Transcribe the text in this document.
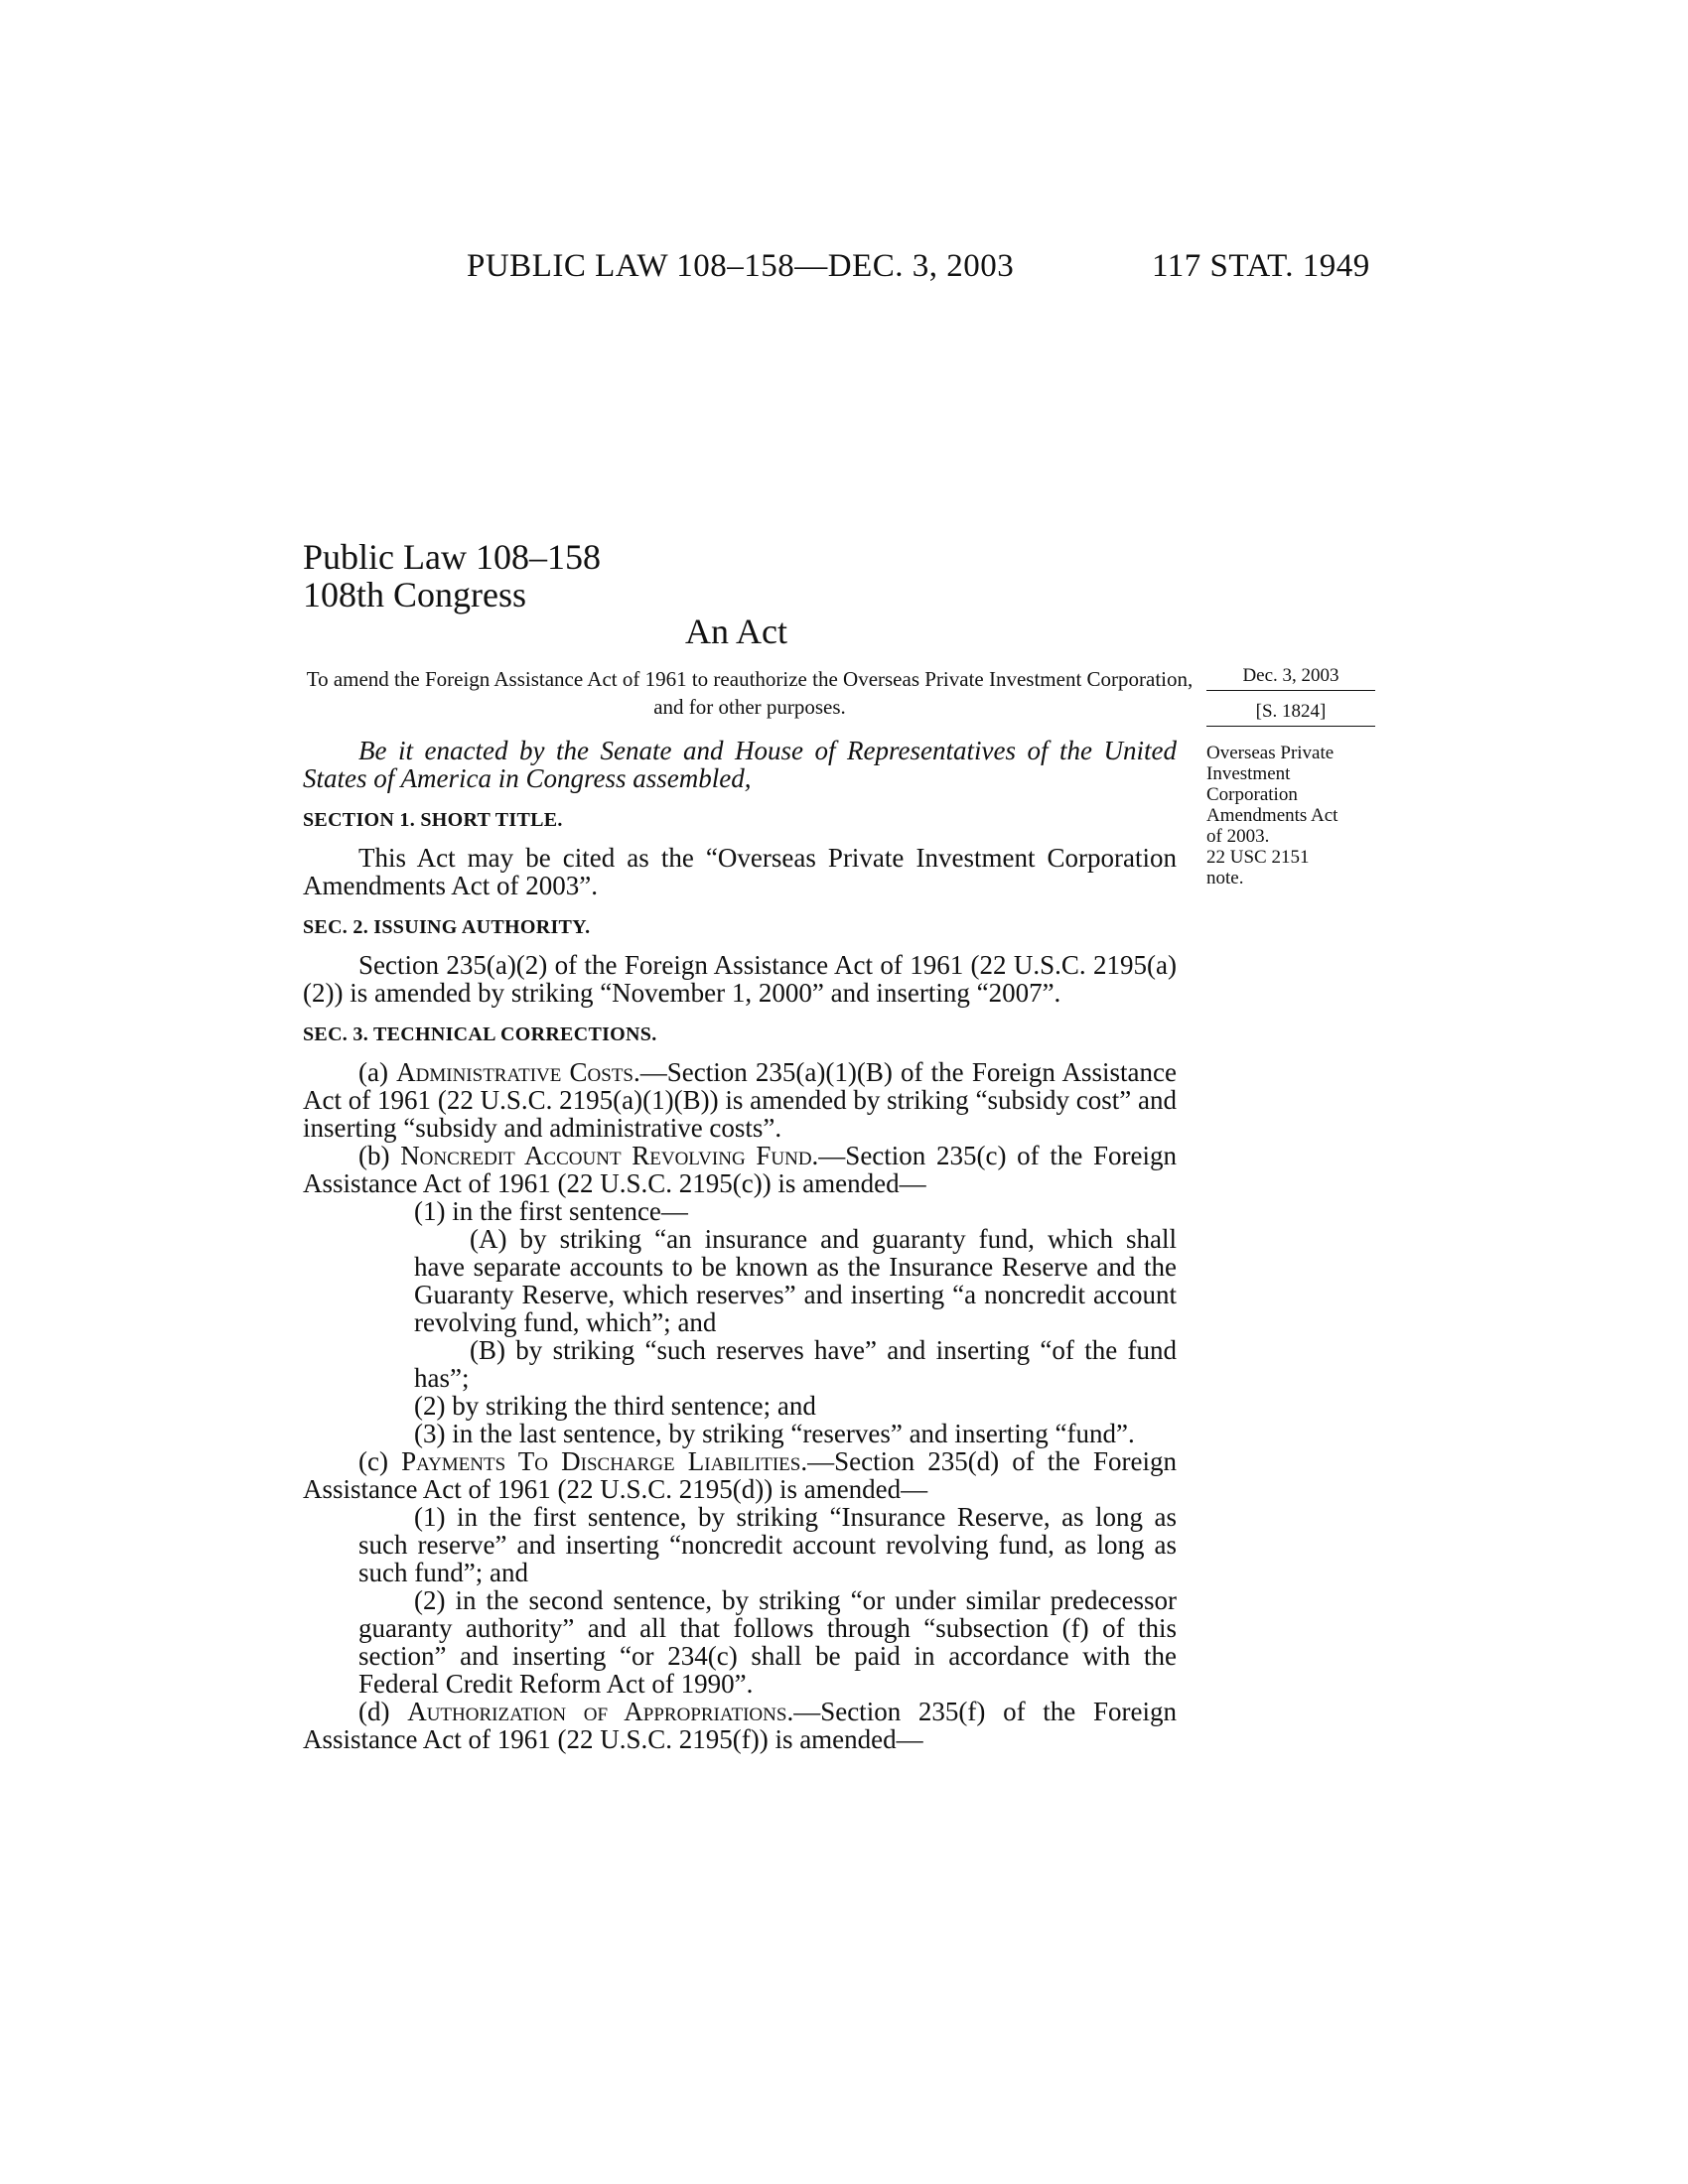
PUBLIC LAW 108–158—DEC. 3, 2003	117 STAT. 1949
Public Law 108–158
108th Congress
An Act
To amend the Foreign Assistance Act of 1961 to reauthorize the Overseas Private Investment Corporation, and for other purposes.
Dec. 3, 2003
[S. 1824]
Overseas Private
Investment
Corporation
Amendments Act
of 2003.
22 USC 2151
note.

Be it enacted by the Senate and House of Representatives of the United States of America in Congress assembled,

SECTION 1. SHORT TITLE.

This Act may be cited as the “Overseas Private Investment Corporation Amendments Act of 2003”.

SEC. 2. ISSUING AUTHORITY.

Section 235(a)(2) of the Foreign Assistance Act of 1961 (22 U.S.C. 2195(a)(2)) is amended by striking “November 1, 2000” and inserting “2007”.

SEC. 3. TECHNICAL CORRECTIONS.

(a) Administrative Costs.—Section 235(a)(1)(B) of the Foreign Assistance Act of 1961 (22 U.S.C. 2195(a)(1)(B)) is amended by striking “subsidy cost” and inserting “subsidy and administrative costs”.

(b) Noncredit Account Revolving Fund.—Section 235(c) of the Foreign Assistance Act of 1961 (22 U.S.C. 2195(c)) is amended—

(1) in the first sentence—

(A) by striking “an insurance and guaranty fund, which shall have separate accounts to be known as the Insurance Reserve and the Guaranty Reserve, which reserves” and inserting “a noncredit account revolving fund, which”; and

(B) by striking “such reserves have” and inserting “of the fund has”;

(2) by striking the third sentence; and

(3) in the last sentence, by striking “reserves” and inserting “fund”.

(c) Payments To Discharge Liabilities.—Section 235(d) of the Foreign Assistance Act of 1961 (22 U.S.C. 2195(d)) is amended—

(1) in the first sentence, by striking “Insurance Reserve, as long as such reserve” and inserting “noncredit account revolving fund, as long as such fund”; and

(2) in the second sentence, by striking “or under similar predecessor guaranty authority” and all that follows through “subsection (f) of this section” and inserting “or 234(c) shall be paid in accordance with the Federal Credit Reform Act of 1990”.

(d) Authorization of Appropriations.—Section 235(f) of the Foreign Assistance Act of 1961 (22 U.S.C. 2195(f)) is amended—
